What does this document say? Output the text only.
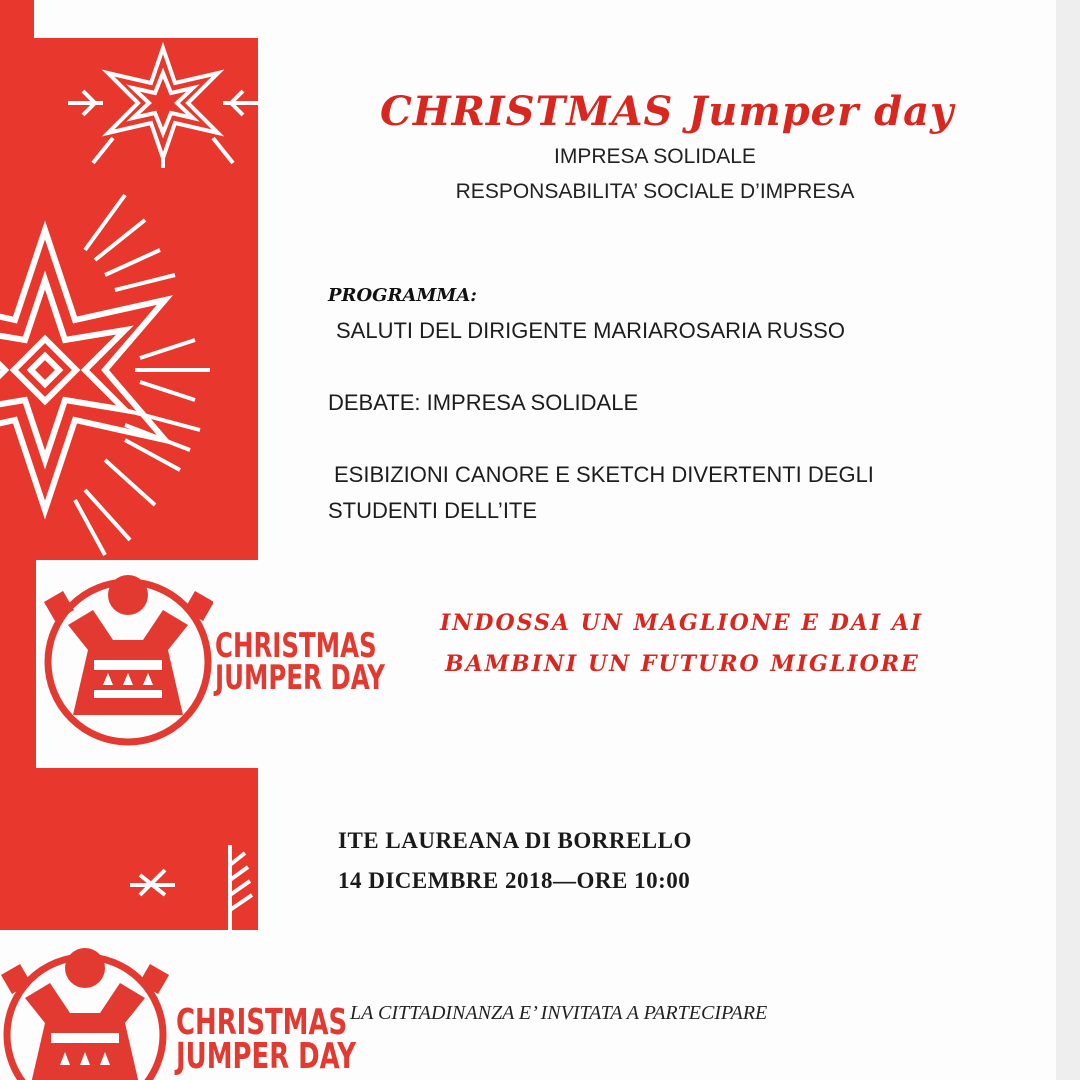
CHRISTMAS Jumper day
IMPRESA SOLIDALE
RESPONSABILITA’ SOCIALE D’IMPRESA
PROGRAMMA:
SALUTI DEL DIRIGENTE MARIAROSARIA RUSSO
DEBATE: IMPRESA SOLIDALE
ESIBIZIONI CANORE E SKETCH DIVERTENTI DEGLI
STUDENTI DELL’ITE
CHRISTMAS
JUMPER DAY
INDOSSA UN MAGLIONE E DAI AI
BAMBINI UN FUTURO MIGLIORE
ITE LAUREANA DI BORRELLO
14 DICEMBRE 2018—ORE 10:00
CHRISTMAS
JUMPER DAY
LA CITTADINANZA E’ INVITATA A PARTECIPARE
